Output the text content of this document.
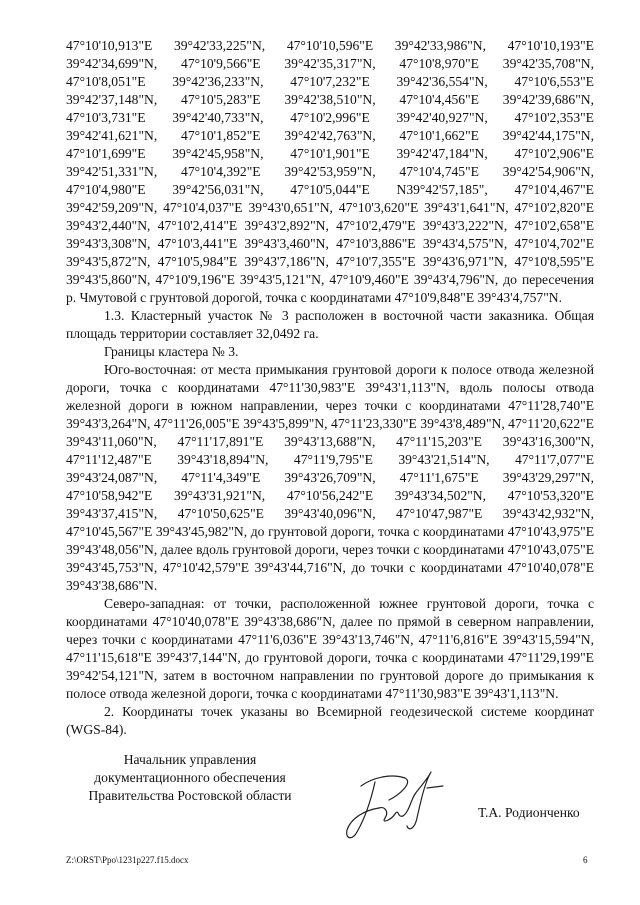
47°10'10,913"E 39°42'33,225"N, 47°10'10,596"E 39°42'33,986"N, 47°10'10,193"E 39°42'34,699"N, 47°10'9,566"E 39°42'35,317"N, 47°10'8,970"E 39°42'35,708"N, 47°10'8,051"E 39°42'36,233"N, 47°10'7,232"E 39°42'36,554"N, 47°10'6,553"E 39°42'37,148"N, 47°10'5,283"E 39°42'38,510"N, 47°10'4,456"E 39°42'39,686"N, 47°10'3,731"E 39°42'40,733"N, 47°10'2,996"E 39°42'40,927"N, 47°10'2,353"E 39°42'41,621"N, 47°10'1,852"E 39°42'42,763"N, 47°10'1,662"E 39°42'44,175"N, 47°10'1,699"E 39°42'45,958"N, 47°10'1,901"E 39°42'47,184"N, 47°10'2,906"E 39°42'51,331"N, 47°10'4,392"E 39°42'53,959"N, 47°10'4,745"E 39°42'54,906"N, 47°10'4,980"E 39°42'56,031"N, 47°10'5,044"E N39°42'57,185", 47°10'4,467"E 39°42'59,209"N, 47°10'4,037"E 39°43'0,651"N, 47°10'3,620"E 39°43'1,641"N, 47°10'2,820"E 39°43'2,440"N, 47°10'2,414"E 39°43'2,892"N, 47°10'2,479"E 39°43'3,222"N, 47°10'2,658"E 39°43'3,308"N, 47°10'3,441"E 39°43'3,460"N, 47°10'3,886"E 39°43'4,575"N, 47°10'4,702"E 39°43'5,872"N, 47°10'5,984"E 39°43'7,186"N, 47°10'7,355"E 39°43'6,971"N, 47°10'8,595"E 39°43'5,860"N, 47°10'9,196"E 39°43'5,121"N, 47°10'9,460"E 39°43'4,796"N, до пересечения р. Чмутовой с грунтовой дорогой, точка с координатами 47°10'9,848"E 39°43'4,757"N.

1.3. Кластерный участок № 3 расположен в восточной части заказника. Общая площадь территории составляет 32,0492 га.

Границы кластера № 3.

Юго-восточная: от места примыкания грунтовой дороги к полосе отвода железной дороги, точка с координатами 47°11'30,983"E 39°43'1,113"N, вдоль полосы отвода железной дороги в южном направлении, через точки с координатами 47°11'28,740"E 39°43'3,264"N, 47°11'26,005"E 39°43'5,899"N, 47°11'23,330"E 39°43'8,489"N, 47°11'20,622"E 39°43'11,060"N, 47°11'17,891"E 39°43'13,688"N, 47°11'15,203"E 39°43'16,300"N, 47°11'12,487"E 39°43'18,894"N, 47°11'9,795"E 39°43'21,514"N, 47°11'7,077"E 39°43'24,087"N, 47°11'4,349"E 39°43'26,709"N, 47°11'1,675"E 39°43'29,297"N, 47°10'58,942"E 39°43'31,921"N, 47°10'56,242"E 39°43'34,502"N, 47°10'53,320"E 39°43'37,415"N, 47°10'50,625"E 39°43'40,096"N, 47°10'47,987"E 39°43'42,932"N, 47°10'45,567"E 39°43'45,982"N, до грунтовой дороги, точка с координатами 47°10'43,975"E 39°43'48,056"N, далее вдоль грунтовой дороги, через точки с координатами 47°10'43,075"E 39°43'45,753"N, 47°10'42,579"E 39°43'44,716"N, до точки с координатами 47°10'40,078"E 39°43'38,686"N.

Северо-западная: от точки, расположенной южнее грунтовой дороги, точка с координатами 47°10'40,078"E 39°43'38,686"N, далее по прямой в северном направлении, через точки с координатами 47°11'6,036"E 39°43'13,746"N, 47°11'6,816"E 39°43'15,594"N, 47°11'15,618"E 39°43'7,144"N, до грунтовой дороги, точка с координатами 47°11'29,199"E 39°42'54,121"N, затем в восточном направлении по грунтовой дороге до примыкания к полосе отвода железной дороги, точка с координатами 47°11'30,983"E 39°43'1,113"N.

2. Координаты точек указаны во Всемирной геодезической системе координат (WGS-84).

Начальник управления
документационного обеспечения
Правительства Ростовской области
Т.А. Родионченко
Z:\ORST\Ppo\1231p227.f15.docx	6
